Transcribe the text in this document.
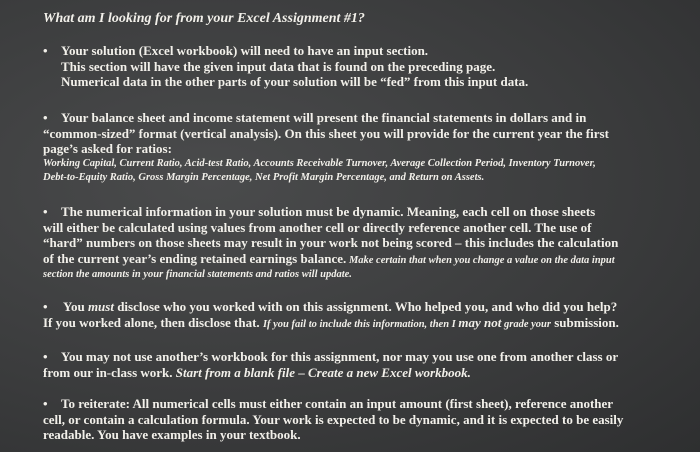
What am I looking for from your Excel Assignment #1?

• Your solution (Excel workbook) will need to have an input section.

This section will have the given input data that is found on the preceding page.

Numerical data in the other parts of your solution will be “fed” from this input data.

• Your balance sheet and income statement will present the financial statements in dollars and in

“common-sized” format (vertical analysis). On this sheet you will provide for the current year the first

page’s asked for ratios:

Working Capital, Current Ratio, Acid-test Ratio, Accounts Receivable Turnover, Average Collection Period, Inventory Turnover,

Debt-to-Equity Ratio, Gross Margin Percentage, Net Profit Margin Percentage, and Return on Assets.

• The numerical information in your solution must be dynamic. Meaning, each cell on those sheets

will either be calculated using values from another cell or directly reference another cell. The use of

“hard” numbers on those sheets may result in your work not being scored – this includes the calculation

of the current year’s ending retained earnings balance. Make certain that when you change a value on the data input

section the amounts in your financial statements and ratios will update.

• You must disclose who you worked with on this assignment. Who helped you, and who did you help?

If you worked alone, then disclose that. If you fail to include this information, then I may not grade your submission.

• You may not use another’s workbook for this assignment, nor may you use one from another class or

from our in-class work. Start from a blank file – Create a new Excel workbook.

• To reiterate: All numerical cells must either contain an input amount (first sheet), reference another

cell, or contain a calculation formula. Your work is expected to be dynamic, and it is expected to be easily

readable. You have examples in your textbook.
